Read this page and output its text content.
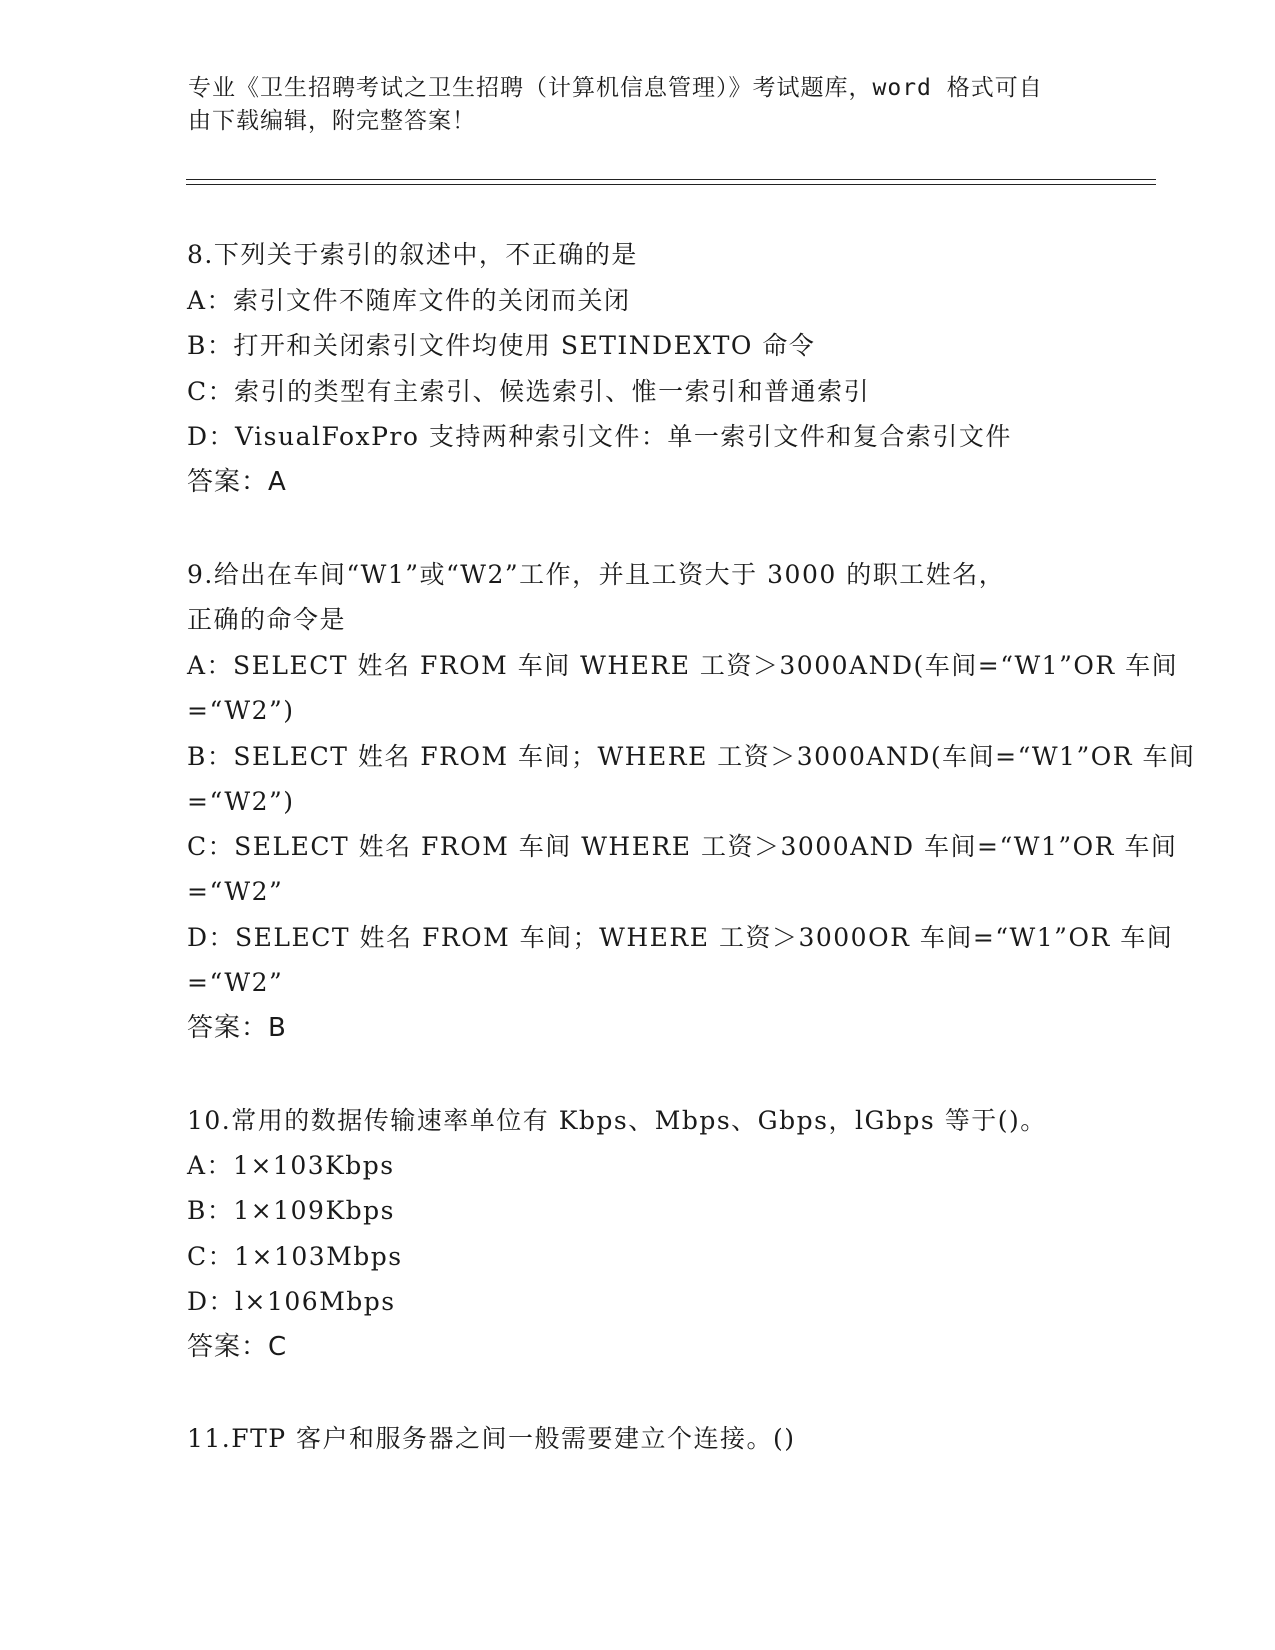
专业《卫生招聘考试之卫生招聘（计算机信息管理）》考试题库，word 格式可自
由下载编辑，附完整答案！
8.下列关于索引的叙述中，不正确的是
A：索引文件不随库文件的关闭而关闭
B：打开和关闭索引文件均使用 SETINDEXTO 命令
C：索引的类型有主索引、候选索引、惟一索引和普通索引
D：VisualFoxPro 支持两种索引文件：单一索引文件和复合索引文件
答案：A
9.给出在车间“W1”或“W2”工作，并且工资大于 3000 的职工姓名，
正确的命令是
A：SELECT 姓名 FROM 车间 WHERE 工资＞3000AND(车间=“W1”OR 车间
=“W2”)
B：SELECT 姓名 FROM 车间；WHERE 工资＞3000AND(车间=“W1”OR 车间
=“W2”)
C：SELECT 姓名 FROM 车间 WHERE 工资＞3000AND 车间=“W1”OR 车间
=“W2”
D：SELECT 姓名 FROM 车间；WHERE 工资＞3000OR 车间=“W1”OR 车间
=“W2”
答案：B
10.常用的数据传输速率单位有 Kbps、Mbps、Gbps，lGbps 等于()。
A：1×103Kbps
B：1×109Kbps
C：1×103Mbps
D：l×106Mbps
答案：C
11.FTP 客户和服务器之间一般需要建立个连接。()
